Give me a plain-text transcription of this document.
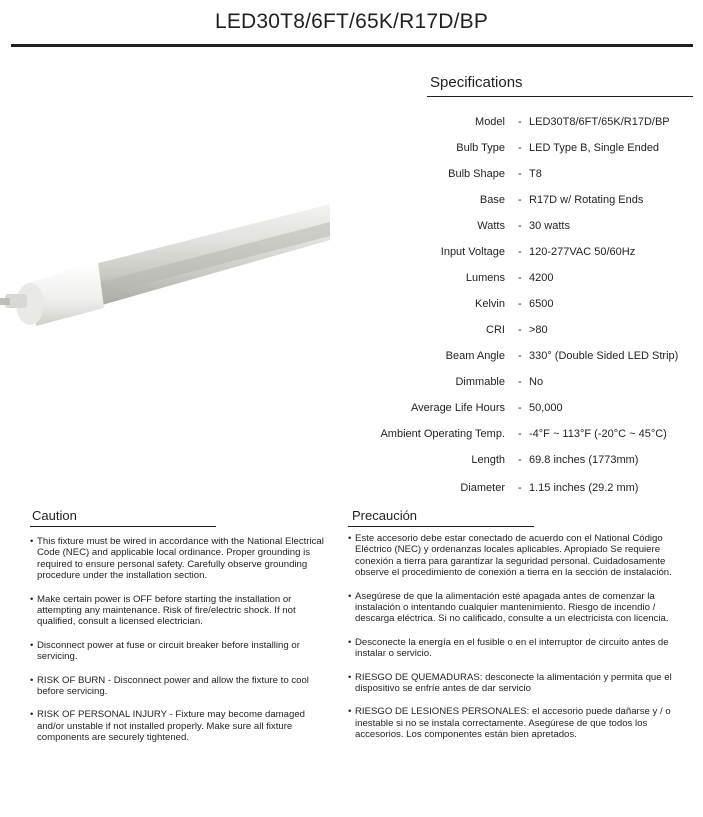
LED30T8/6FT/65K/R17D/BP
Specifications
Model - LED30T8/6FT/65K/R17D/BP
Bulb Type - LED Type B, Single Ended
Bulb Shape - T8
Base - R17D w/ Rotating Ends
Watts - 30 watts
Input Voltage - 120-277VAC 50/60Hz
Lumens - 4200
Kelvin - 6500
CRI - >80
Beam Angle - 330° (Double Sided LED Strip)
Dimmable - No
Average Life Hours - 50,000
Ambient Operating Temp. - -4°F ~ 113°F (-20°C ~ 45°C)
Length - 69.8 inches (1773mm)
Diameter - 1.15 inches (29.2 mm)
Caution
• This fixture must be wired in accordance with the National Electrical Code (NEC) and applicable local ordinance. Proper grounding is required to ensure personal safety. Carefully observe grounding procedure under the installation section.
• Make certain power is OFF before starting the installation or attempting any maintenance. Risk of fire/electric shock. If not qualified, consult a licensed electrician.
• Disconnect power at fuse or circuit breaker before installing or servicing.
• RISK OF BURN - Disconnect power and allow the fixture to cool before servicing.
• RISK OF PERSONAL INJURY - Fixture may become damaged and/or unstable if not installed properly. Make sure all fixture components are securely tightened.
Precaución
• Este accesorio debe estar conectado de acuerdo con el National Código Eléctrico (NEC) y ordenanzas locales aplicables. Apropiado Se requiere conexión a tierra para garantizar la seguridad personal. Cuidadosamente observe el procedimiento de conexión a tierra en la sección de instalación.
• Asegúrese de que la alimentación esté apagada antes de comenzar la instalación o intentando cualquier mantenimiento. Riesgo de incendio / descarga eléctrica. Si no calificado, consulte a un electricista con licencia.
• Desconecte la energía en el fusible o en el interruptor de circuito antes de instalar o servicio.
• RIESGO DE QUEMADURAS: desconecte la alimentación y permita que el dispositivo se enfríe antes de dar servicio
• RIESGO DE LESIONES PERSONALES: el accesorio puede dañarse y / o inestable si no se instala correctamente. Asegúrese de que todos los accesorios. Los componentes están bien apretados.
